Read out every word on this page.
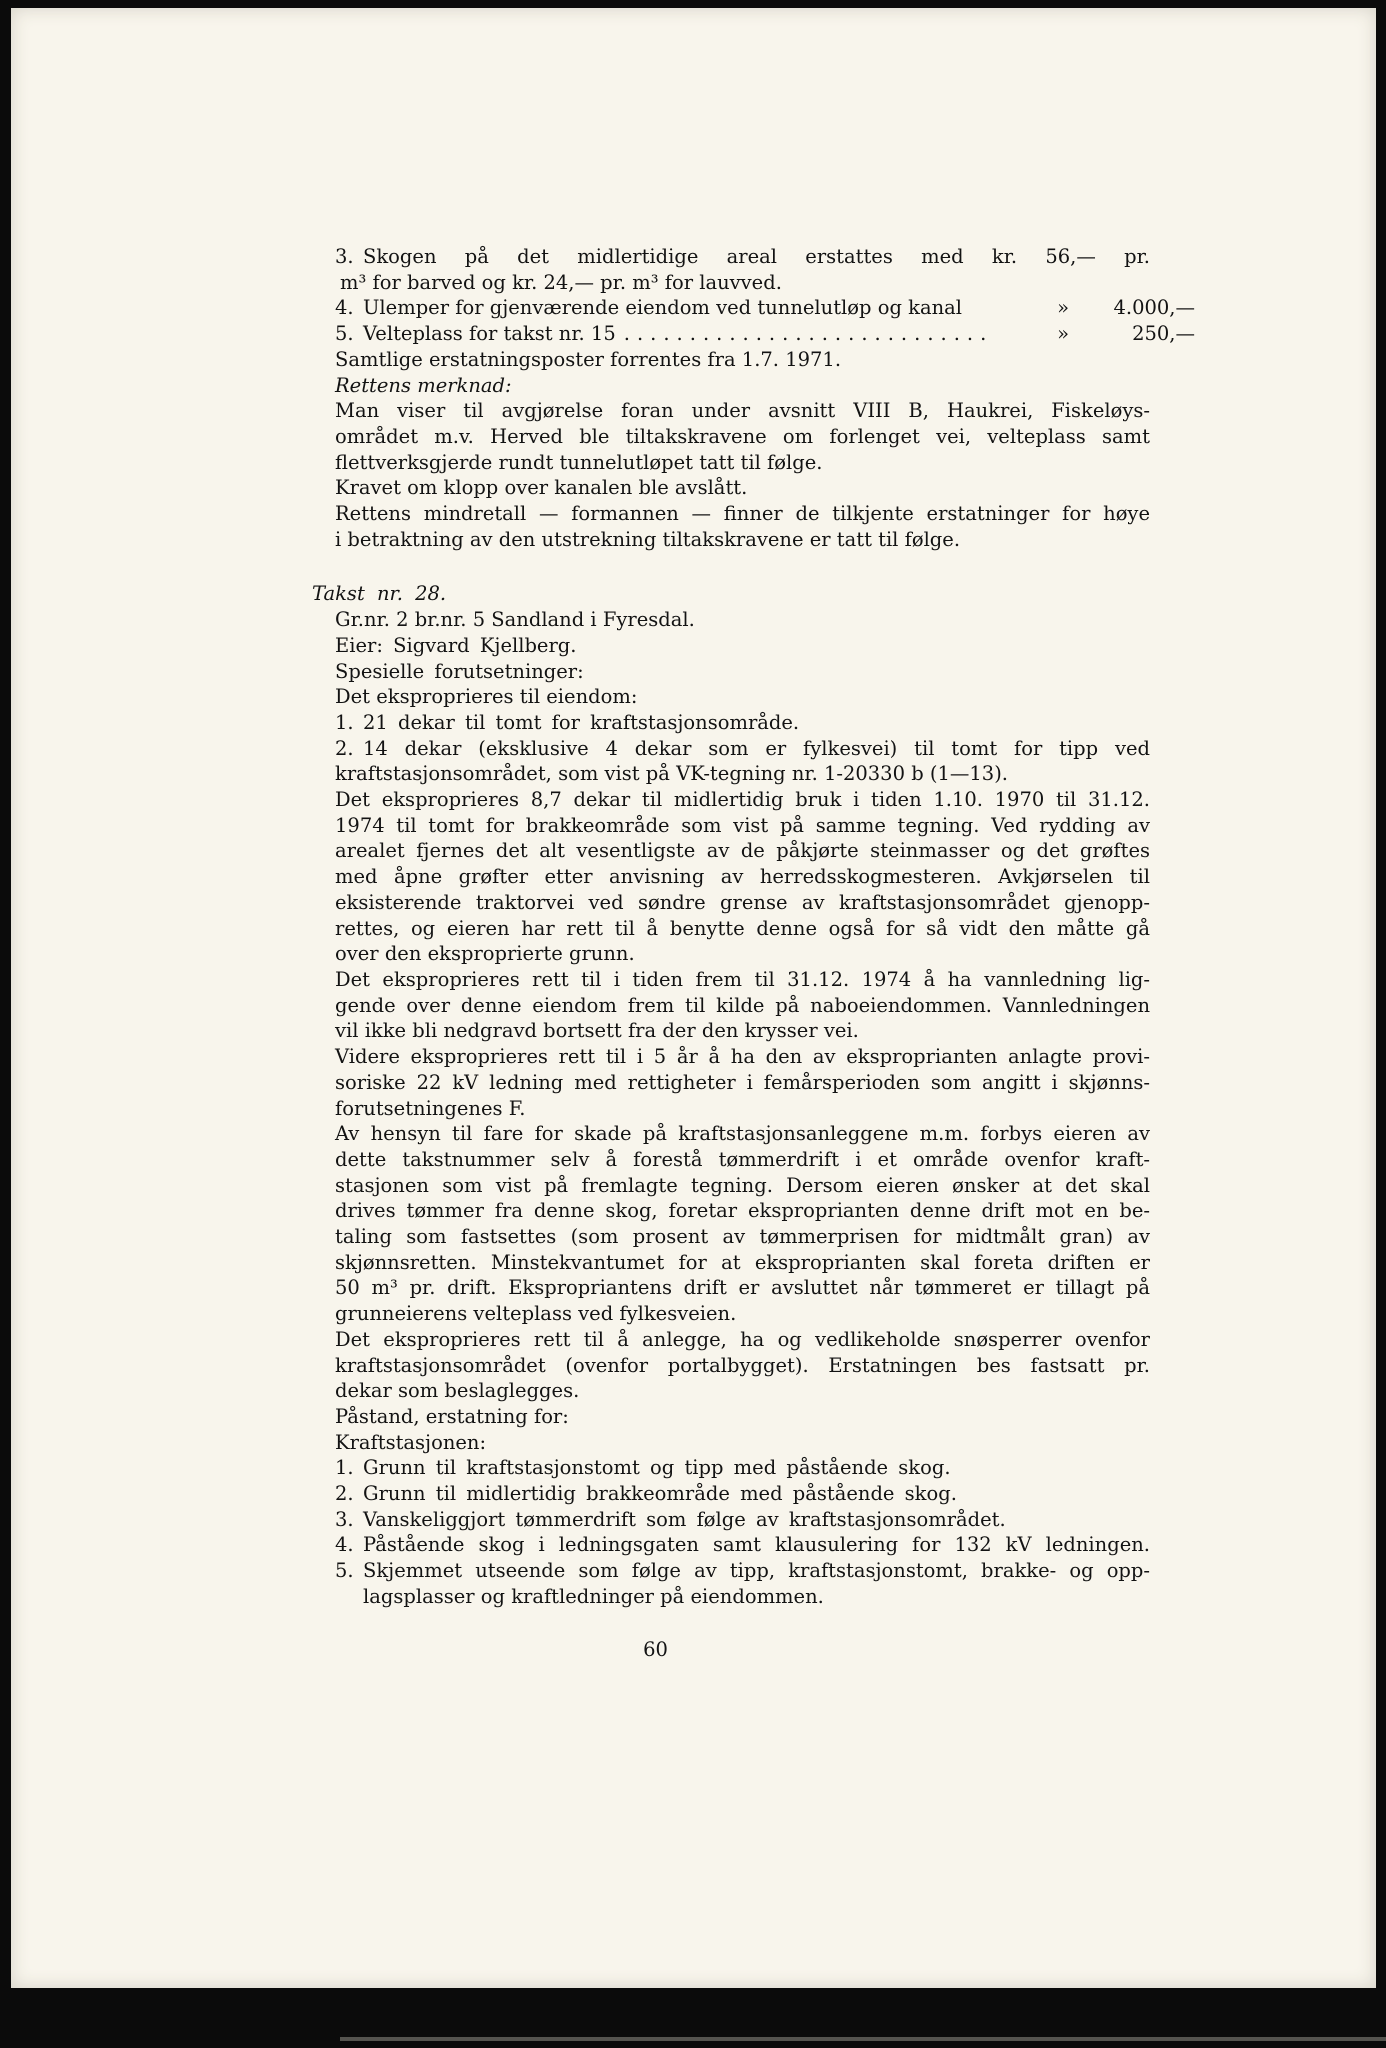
3. Skogen på det midlertidige areal erstattes med kr. 56,— pr.
m³ for barved og kr. 24,— pr. m³ for lauvved.
4. Ulemper for gjenværende eiendom ved tunnelutløp og kanal	»	4.000,—
5. Velteplass for takst nr. 15 ............................	»	250,—
Samtlige erstatningsposter forrentes fra 1.7. 1971.
Rettens merknad:
Man viser til avgjørelse foran under avsnitt VIII B, Haukrei, Fiskeløys-
området m.v. Herved ble tiltakskravene om forlenget vei, velteplass samt
flettverksgjerde rundt tunnelutløpet tatt til følge.
Kravet om klopp over kanalen ble avslått.
Rettens mindretall — formannen — finner de tilkjente erstatninger for høye
i betraktning av den utstrekning tiltakskravene er tatt til følge.
Takst nr. 28.
Gr.nr. 2 br.nr. 5 Sandland i Fyresdal.
Eier: Sigvard Kjellberg.
Spesielle forutsetninger:
Det eksproprieres til eiendom:
1. 21 dekar til tomt for kraftstasjonsområde.
2. 14 dekar (eksklusive 4 dekar som er fylkesvei) til tomt for tipp ved
kraftstasjonsområdet, som vist på VK-tegning nr. 1-20330 b (1—13).
Det eksproprieres 8,7 dekar til midlertidig bruk i tiden 1.10. 1970 til 31.12.
1974 til tomt for brakkeområde som vist på samme tegning. Ved rydding av
arealet fjernes det alt vesentligste av de påkjørte steinmasser og det grøftes
med åpne grøfter etter anvisning av herredsskogmesteren. Avkjørselen til
eksisterende traktorvei ved søndre grense av kraftstasjonsområdet gjenopp-
rettes, og eieren har rett til å benytte denne også for så vidt den måtte gå
over den eksproprierte grunn.
Det eksproprieres rett til i tiden frem til 31.12. 1974 å ha vannledning lig-
gende over denne eiendom frem til kilde på naboeiendommen. Vannledningen
vil ikke bli nedgravd bortsett fra der den krysser vei.
Videre eksproprieres rett til i 5 år å ha den av eksproprianten anlagte provi-
soriske 22 kV ledning med rettigheter i femårsperioden som angitt i skjønns-
forutsetningenes F.
Av hensyn til fare for skade på kraftstasjonsanleggene m.m. forbys eieren av
dette takstnummer selv å forestå tømmerdrift i et område ovenfor kraft-
stasjonen som vist på fremlagte tegning. Dersom eieren ønsker at det skal
drives tømmer fra denne skog, foretar eksproprianten denne drift mot en be-
taling som fastsettes (som prosent av tømmerprisen for midtmålt gran) av
skjønnsretten. Minstekvantumet for at eksproprianten skal foreta driften er
50 m³ pr. drift. Ekspropriantens drift er avsluttet når tømmeret er tillagt på
grunneierens velteplass ved fylkesveien.
Det eksproprieres rett til å anlegge, ha og vedlikeholde snøsperrer ovenfor
kraftstasjonsområdet (ovenfor portalbygget). Erstatningen bes fastsatt pr.
dekar som beslaglegges.
Påstand, erstatning for:
Kraftstasjonen:
1. Grunn til kraftstasjonstomt og tipp med påstående skog.
2. Grunn til midlertidig brakkeområde med påstående skog.
3. Vanskeliggjort tømmerdrift som følge av kraftstasjonsområdet.
4. Påstående skog i ledningsgaten samt klausulering for 132 kV ledningen.
5. Skjemmet utseende som følge av tipp, kraftstasjonstomt, brakke- og opp-
lagsplasser og kraftledninger på eiendommen.
60
